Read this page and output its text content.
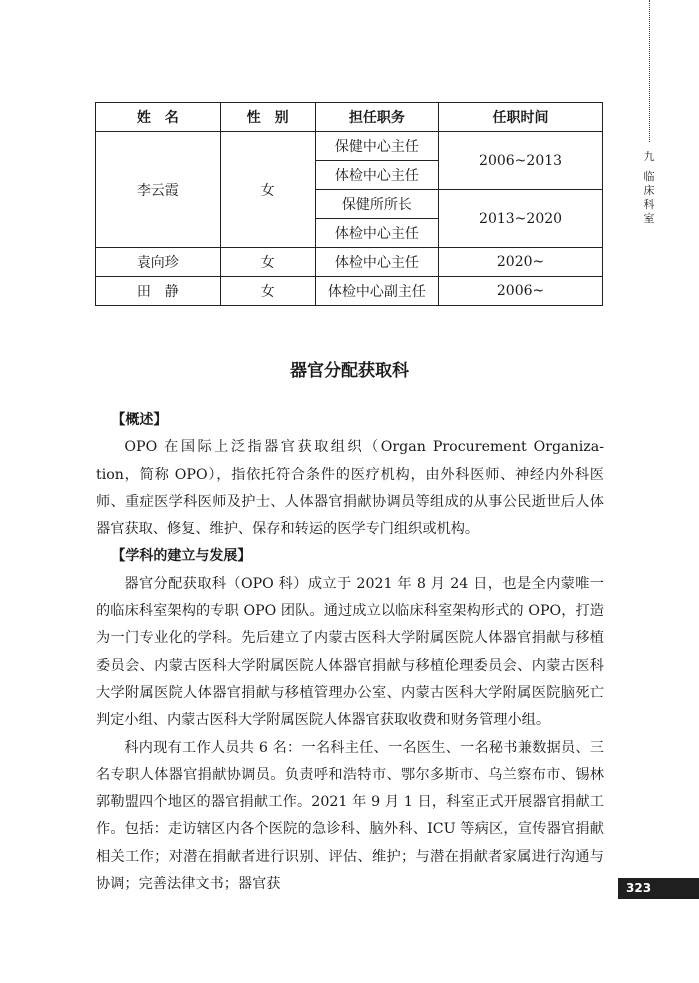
九
临
床
科
室
姓　名	性　别	担任职务	任职时间
李云霞	女	保健中心主任	2006~2013
		体检中心主任	
		保健所所长	2013~2020
		体检中心主任	
袁向珍	女	体检中心主任	2020~
田　静	女	体检中心副主任	2006~
器官分配获取科

【概述】

OPO 在国际上泛指器官获取组织（Organ Procurement Organiza-tion，简称 OPO），指依托符合条件的医疗机构，由外科医师、神经内外科医师、重症医学科医师及护士、人体器官捐献协调员等组成的从事公民逝世后人体器官获取、修复、维护、保存和转运的医学专门组织或机构。

【学科的建立与发展】

器官分配获取科（OPO 科）成立于 2021 年 8 月 24 日，也是全内蒙唯一的临床科室架构的专职 OPO 团队。通过成立以临床科室架构形式的 OPO，打造为一门专业化的学科。先后建立了内蒙古医科大学附属医院人体器官捐献与移植委员会、内蒙古医科大学附属医院人体器官捐献与移植伦理委员会、内蒙古医科大学附属医院人体器官捐献与移植管理办公室、内蒙古医科大学附属医院脑死亡判定小组、内蒙古医科大学附属医院人体器官获取收费和财务管理小组。

科内现有工作人员共 6 名：一名科主任、一名医生、一名秘书兼数据员、三名专职人体器官捐献协调员。负责呼和浩特市、鄂尔多斯市、乌兰察布市、锡林郭勒盟四个地区的器官捐献工作。2021 年 9 月 1 日，科室正式开展器官捐献工作。包括：走访辖区内各个医院的急诊科、脑外科、ICU 等病区，宣传器官捐献相关工作；对潜在捐献者进行识别、评估、维护；与潜在捐献者家属进行沟通与协调；完善法律文书；器官获	323
